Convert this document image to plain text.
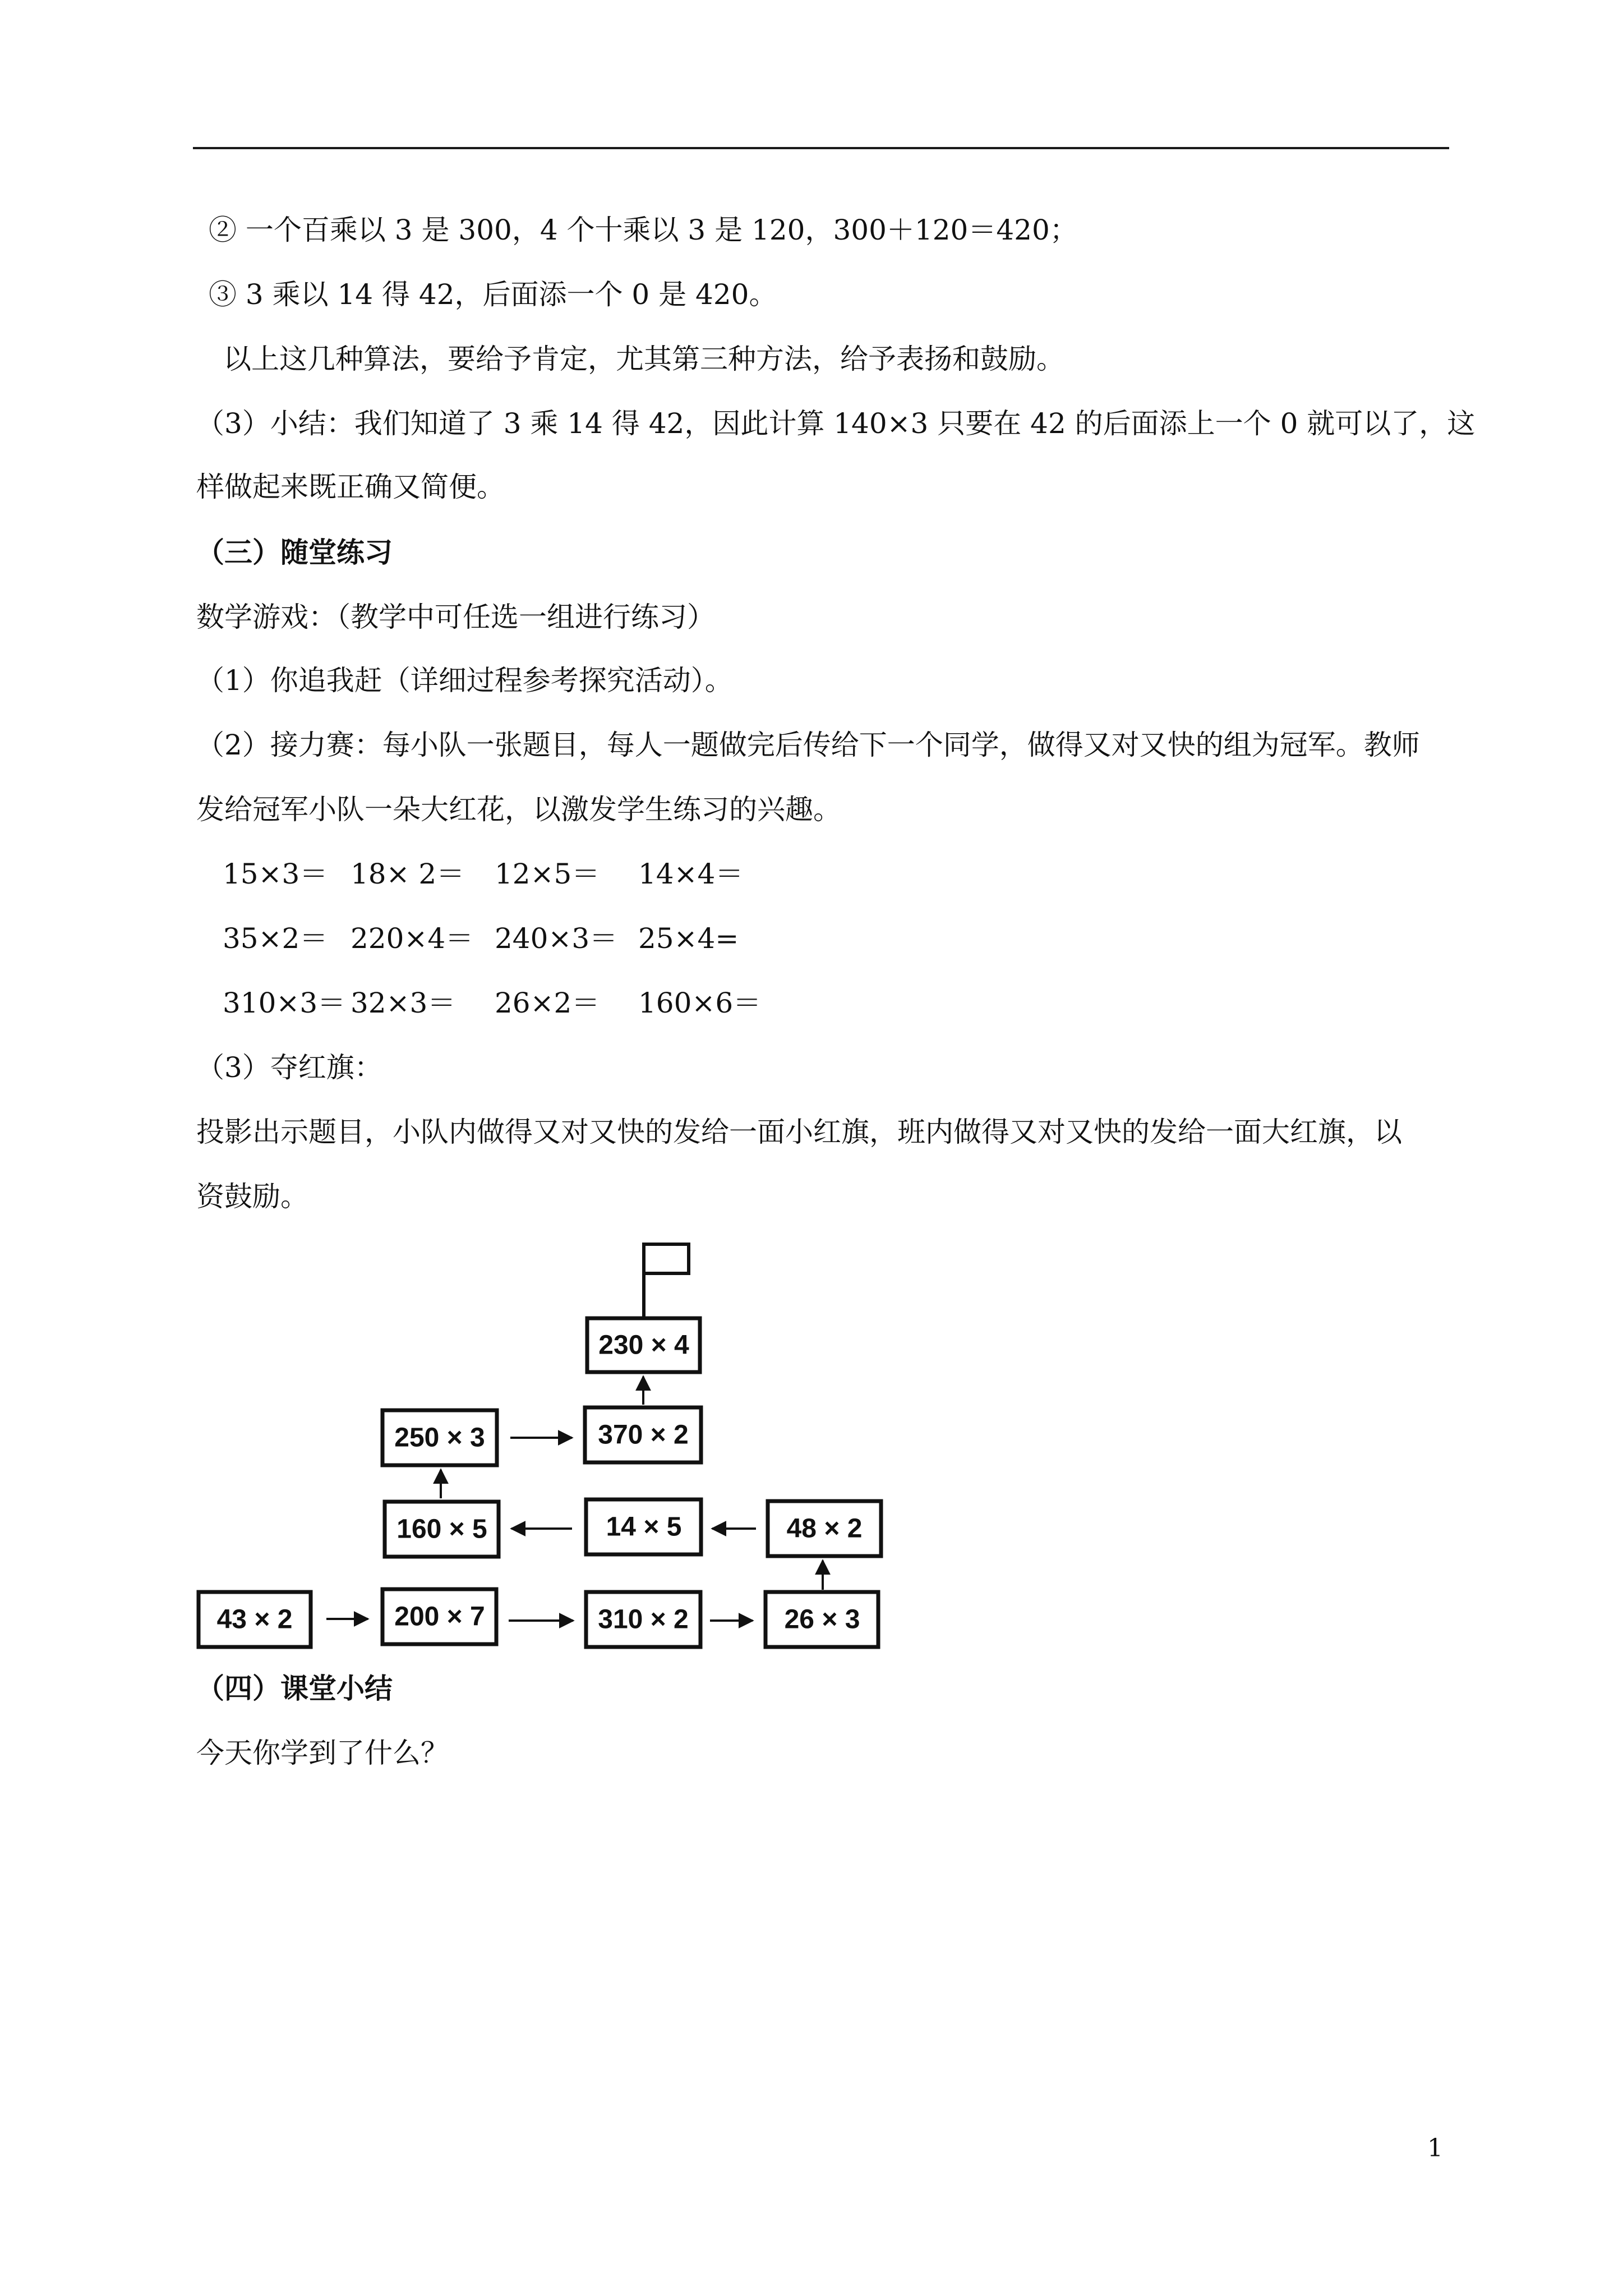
② 一个百乘以 3 是 300，4 个十乘以 3 是 120，300＋120＝420；
③ 3 乘以 14 得 42，后面添一个 0 是 420。
以上这几种算法，要给予肯定，尤其第三种方法，给予表扬和鼓励。
（3）小结：我们知道了 3 乘 14 得 42，因此计算 140×3 只要在 42 的后面添上一个 0 就可以了，这
样做起来既正确又简便。
（三）随堂练习
数学游戏：（教学中可任选一组进行练习）
（1）你追我赶（详细过程参考探究活动）。
（2）接力赛：每小队一张题目，每人一题做完后传给下一个同学，做得又对又快的组为冠军。教师
发给冠军小队一朵大红花，以激发学生练习的兴趣。
15×3＝ 18× 2＝ 12×5＝ 14×4＝
35×2＝ 220×4＝ 240×3＝ 25×4=
310×3＝ 32×3＝ 26×2＝ 160×6＝
（3）夺红旗：
投影出示题目，小队内做得又对又快的发给一面小红旗，班内做得又对又快的发给一面大红旗，以
资鼓励。
43 × 2	200 × 7	310 × 2	26 × 3
48 × 2
14 × 5
160 × 5
250 × 3	370 × 2
230 × 4
（四）课堂小结
今天你学到了什么？
1
